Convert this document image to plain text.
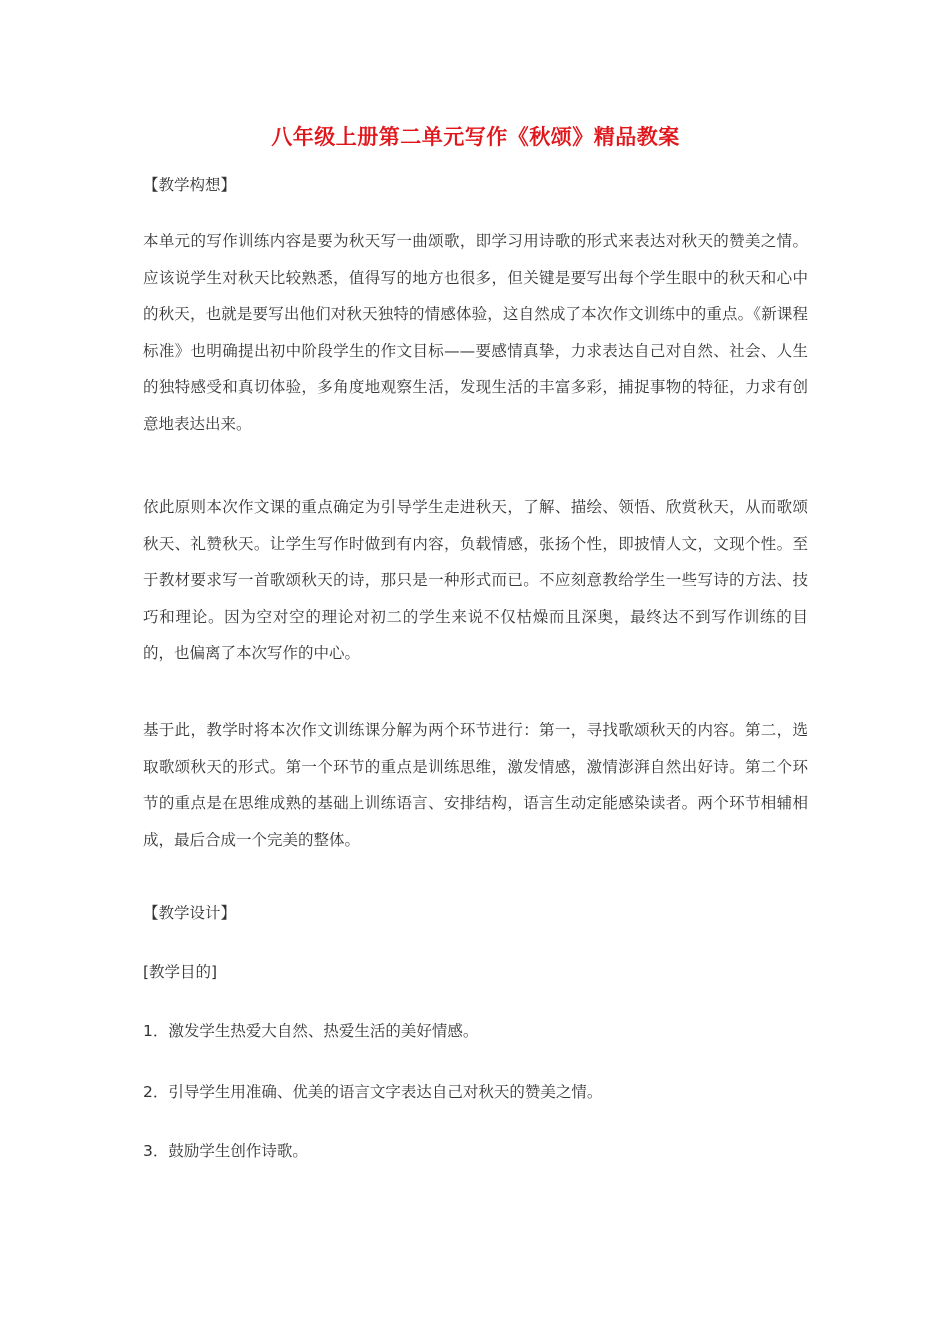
八年级上册第二单元写作《秋颂》精品教案
【教学构想】

本单元的写作训练内容是要为秋天写一曲颂歌，即学习用诗歌的形式来表达对秋天的赞美之情。应该说学生对秋天比较熟悉，值得写的地方也很多，但关键是要写出每个学生眼中的秋天和心中的秋天，也就是要写出他们对秋天独特的情感体验，这自然成了本次作文训练中的重点。《新课程标准》也明确提出初中阶段学生的作文目标——要感情真挚，力求表达自己对自然、社会、人生的独特感受和真切体验，多角度地观察生活，发现生活的丰富多彩，捕捉事物的特征，力求有创意地表达出来。

依此原则本次作文课的重点确定为引导学生走进秋天，了解、描绘、领悟、欣赏秋天，从而歌颂秋天、礼赞秋天。让学生写作时做到有内容，负载情感，张扬个性，即披情人文，文现个性。至于教材要求写一首歌颂秋天的诗，那只是一种形式而已。不应刻意教给学生一些写诗的方法、技巧和理论。因为空对空的理论对初二的学生来说不仅枯燥而且深奥，最终达不到写作训练的目的，也偏离了本次写作的中心。

基于此，教学时将本次作文训练课分解为两个环节进行：第一，寻找歌颂秋天的内容。第二，选取歌颂秋天的形式。第一个环节的重点是训练思维，激发情感，激情澎湃自然出好诗。第二个环节的重点是在思维成熟的基础上训练语言、安排结构，语言生动定能感染读者。两个环节相辅相成，最后合成一个完美的整体。

【教学设计】
[教学目的]
1．激发学生热爱大自然、热爱生活的美好情感。
2．引导学生用准确、优美的语言文字表达自己对秋天的赞美之情。
3．鼓励学生创作诗歌。
